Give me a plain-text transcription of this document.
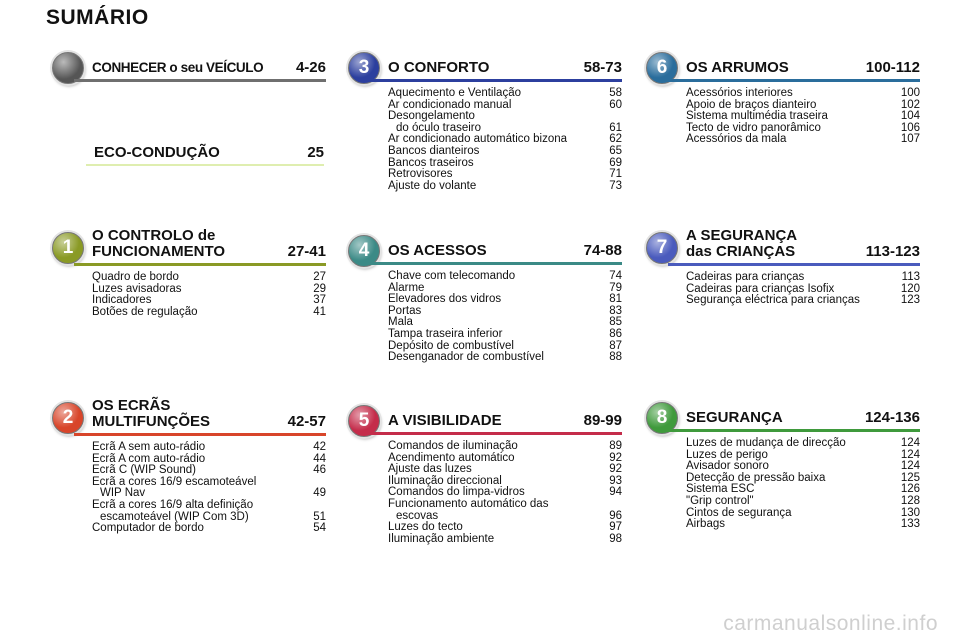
SUMÁRIO
CONHECER o seu VEÍCULO 4-26
ECO-CONDUÇÃO	25
1
O CONTROLO de
FUNCIONAMENTO	27-41
Quadro de bordo	27
Luzes avisadoras	29
Indicadores	37
Botões de regulação	41
2
OS ECRÃS
MULTIFUNÇÕES	42-57
Ecrã A sem auto-rádio	42
Ecrã A com auto-rádio	44
Ecrã C (WIP Sound)	46
Ecrã a cores 16/9 escamoteável
WIP Nav	49
Ecrã a cores 16/9 alta definição
escamoteável (WIP Com 3D)	51
Computador de bordo	54
3	O CONFORTO	58-73
Aquecimento e Ventilação	58
Ar condicionado manual	60
Desongelamento
do óculo traseiro	61
Ar condicionado automático bizona	62
Bancos dianteiros	65
Bancos traseiros	69
Retrovisores	71
Ajuste do volante	73
4	OS ACESSOS	74-88
Chave com telecomando	74
Alarme	79
Elevadores dos vidros	81
Portas	83
Mala	85
Tampa traseira inferior	86
Depósito de combustível	87
Desenganador de combustível	88
5	A VISIBILIDADE	89-99
Comandos de iluminação	89
Acendimento automático	92
Ajuste das luzes	92
Iluminação direccional	93
Comandos do limpa-vidros	94
Funcionamento automático das
escovas	96
Luzes do tecto	97
Iluminação ambiente	98
6	OS ARRUMOS	100-112
Acessórios interiores	100
Apoio de braços dianteiro	102
Sistema multimédia traseira	104
Tecto de vidro panorâmico	106
Acessórios da mala	107
7
A SEGURANÇA
das CRIANÇAS	113-123
Cadeiras para crianças	113
Cadeiras para crianças Isofix	120
Segurança eléctrica para crianças	123
8	SEGURANÇA	124-136
Luzes de mudança de direcção	124
Luzes de perigo	124
Avisador sonoro	124
Detecção de pressão baixa	125
Sistema ESC	126
"Grip control"	128
Cintos de segurança	130
Airbags	133
carmanualsonline.info
